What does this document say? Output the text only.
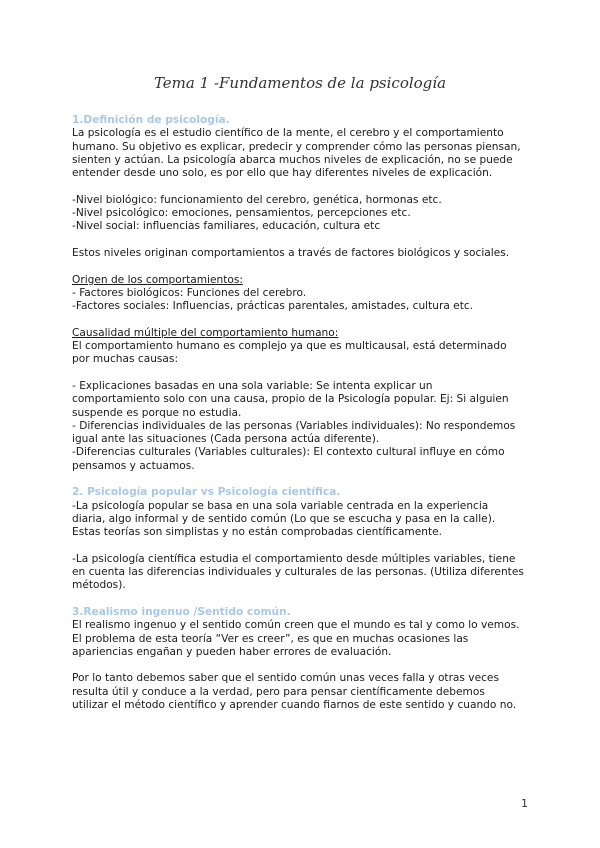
Tema 1 -Fundamentos de la psicología

1.Definición de psicología.

La psicología es el estudio científico de la mente, el cerebro y el comportamiento

humano. Su objetivo es explicar, predecir y comprender cómo las personas piensan,

sienten y actúan. La psicología abarca muchos niveles de explicación, no se puede

entender desde uno solo, es por ello que hay diferentes niveles de explicación.

-Nivel biológico: funcionamiento del cerebro, genética, hormonas etc.

-Nivel psicológico: emociones, pensamientos, percepciones etc.

-Nivel social: influencias familiares, educación, cultura etc

Estos niveles originan comportamientos a través de factores biológicos y sociales.

Origen de los comportamientos:

- Factores biológicos: Funciones del cerebro.

-Factores sociales: Influencias, prácticas parentales, amistades, cultura etc.

Causalidad múltiple del comportamiento humano:

El comportamiento humano es complejo ya que es multicausal, está determinado

por muchas causas:

- Explicaciones basadas en una sola variable: Se intenta explicar un

comportamiento solo con una causa, propio de la Psicología popular. Ej: Si alguien

suspende es porque no estudia.

- Diferencias individuales de las personas (Variables individuales): No respondemos

igual ante las situaciones (Cada persona actúa diferente).

-Diferencias culturales (Variables culturales): El contexto cultural influye en cómo

pensamos y actuamos.

2. Psicología popular vs Psicología científica.

-La psicología popular se basa en una sola variable centrada en la experiencia

diaria, algo informal y de sentido común (Lo que se escucha y pasa en la calle).

Estas teorías son simplistas y no están comprobadas científicamente.

-La psicología científica estudia el comportamiento desde múltiples variables, tiene

en cuenta las diferencias individuales y culturales de las personas. (Utiliza diferentes

métodos).

3.Realismo ingenuo /Sentido común.

El realismo ingenuo y el sentido común creen que el mundo es tal y como lo vemos.

El problema de esta teoría “Ver es creer”, es que en muchas ocasiones las

apariencias engañan y pueden haber errores de evaluación.

Por lo tanto debemos saber que el sentido común unas veces falla y otras veces

resulta útil y conduce a la verdad, pero para pensar científicamente debemos

utilizar el método científico y aprender cuando fiarnos de este sentido y cuando no.

1
